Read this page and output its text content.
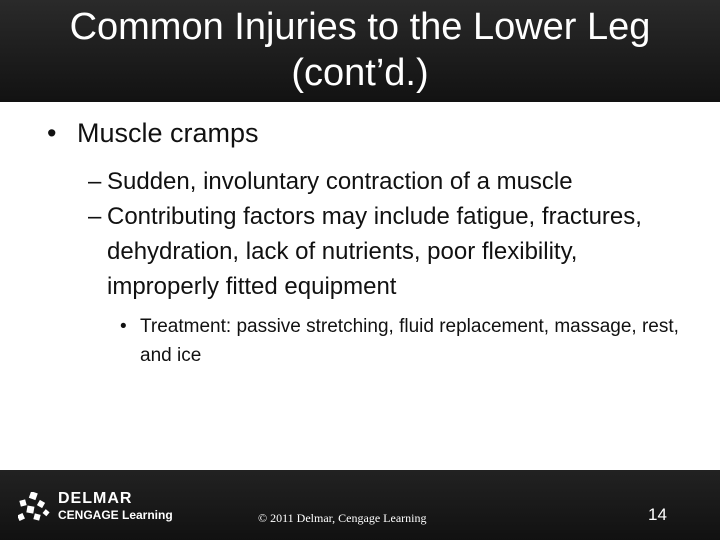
Common Injuries to the Lower Leg (cont’d.)
• Muscle cramps
– Sudden, involuntary contraction of a muscle
– Contributing factors may include fatigue, fractures, dehydration, lack of nutrients, poor flexibility, improperly fitted equipment
• Treatment: passive stretching, fluid replacement, massage, rest, and ice
DELMAR
CENGAGE Learning	© 2011 Delmar, Cengage Learning	14
